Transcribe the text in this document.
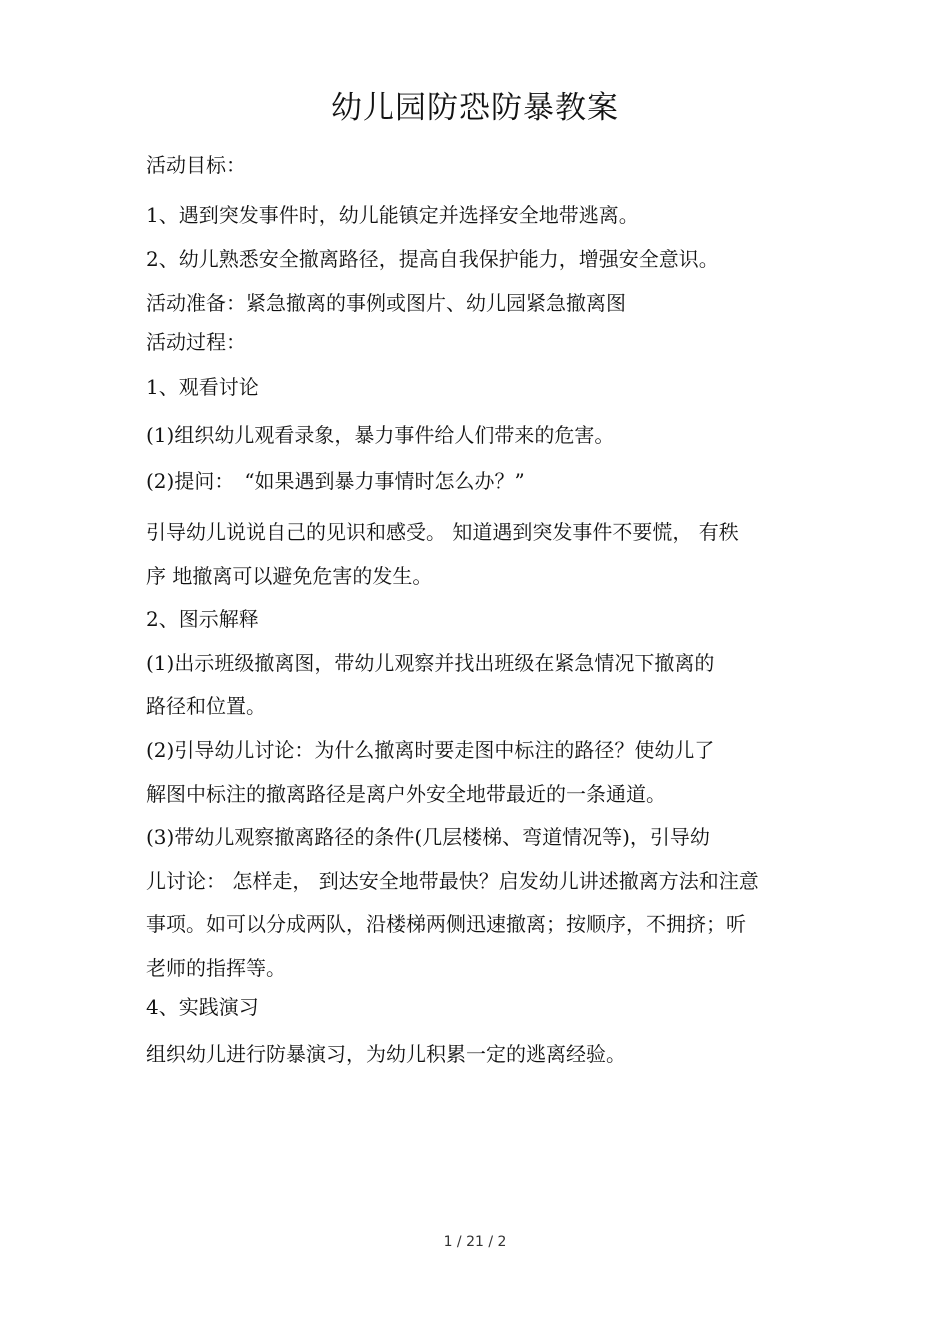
幼儿园防恐防暴教案
活动目标：
1、遇到突发事件时，幼儿能镇定并选择安全地带逃离。
2、幼儿熟悉安全撤离路径，提高自我保护能力，增强安全意识。
活动准备：紧急撤离的事例或图片、幼儿园紧急撤离图
活动过程：
1、观看讨论
(1)组织幼儿观看录象，暴力事件给人们带来的危害。
(2)提问：　“如果遇到暴力事情时怎么办？”
引导幼儿说说自己的见识和感受。 知道遇到突发事件不要慌， 有秩
序 地撤离可以避免危害的发生。
2、图示解释
(1)出示班级撤离图，带幼儿观察并找出班级在紧急情况下撤离的
路径和位置。
(2)引导幼儿讨论：为什么撤离时要走图中标注的路径？使幼儿了
解图中标注的撤离路径是离户外安全地带最近的一条通道。
(3)带幼儿观察撤离路径的条件(几层楼梯、弯道情况等)，引导幼
儿讨论： 怎样走， 到达安全地带最快？启发幼儿讲述撤离方法和注意
事项。如可以分成两队，沿楼梯两侧迅速撤离；按顺序，不拥挤；听
老师的指挥等。
4、实践演习
组织幼儿进行防暴演习，为幼儿积累一定的逃离经验。
1 / 21 / 2
